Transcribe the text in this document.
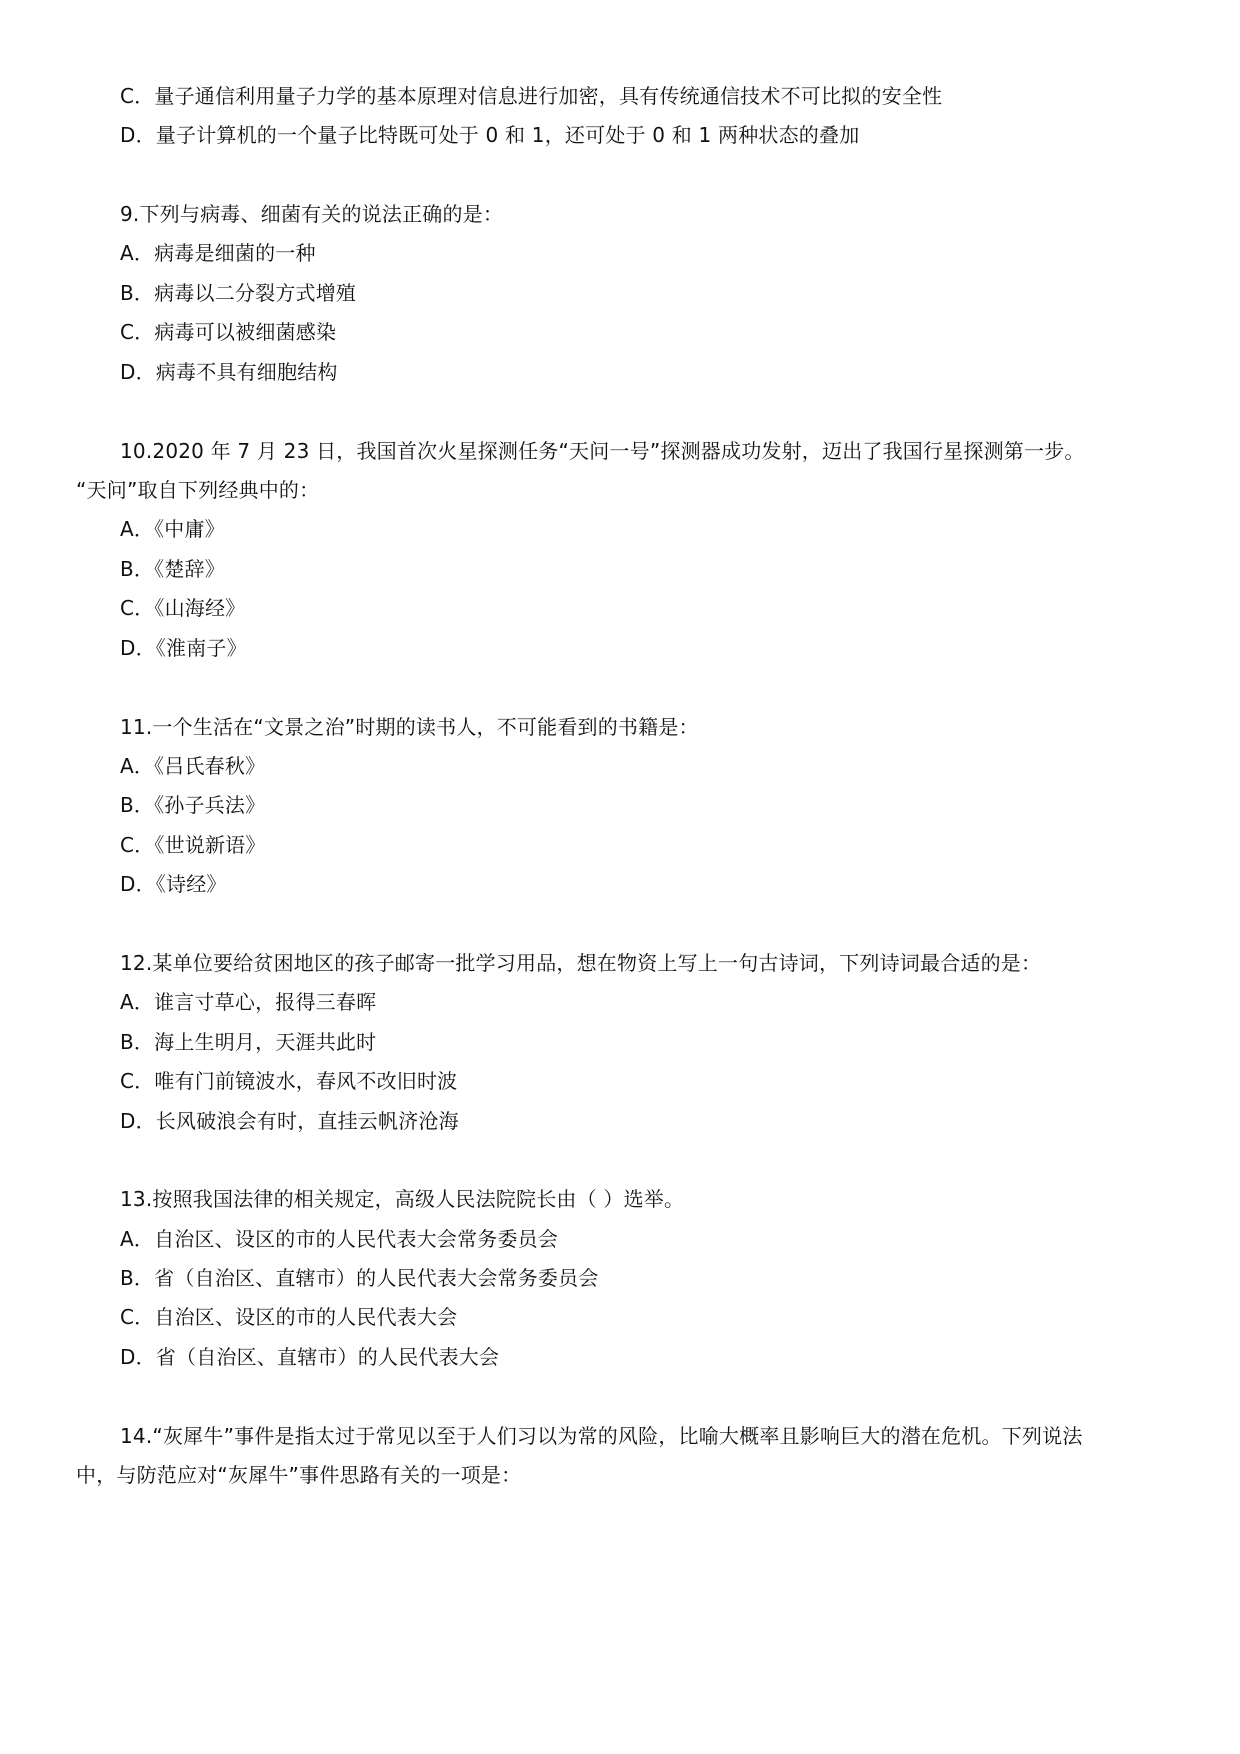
C．量子通信利用量子力学的基本原理对信息进行加密，具有传统通信技术不可比拟的安全性
D．量子计算机的一个量子比特既可处于 0 和 1，还可处于 0 和 1 两种状态的叠加
9.下列与病毒、细菌有关的说法正确的是：
A．病毒是细菌的一种
B．病毒以二分裂方式增殖
C．病毒可以被细菌感染
D．病毒不具有细胞结构
10.2020 年 7 月 23 日，我国首次火星探测任务“天问一号”探测器成功发射，迈出了我国行星探测第一步。
“天问”取自下列经典中的：
A．《中庸》
B．《楚辞》
C．《山海经》
D．《淮南子》
11.一个生活在“文景之治”时期的读书人，不可能看到的书籍是：
A．《吕氏春秋》
B．《孙子兵法》
C．《世说新语》
D．《诗经》
12.某单位要给贫困地区的孩子邮寄一批学习用品，想在物资上写上一句古诗词，下列诗词最合适的是：
A．谁言寸草心，报得三春晖
B．海上生明月，天涯共此时
C．唯有门前镜波水，春风不改旧时波
D．长风破浪会有时，直挂云帆济沧海
13.按照我国法律的相关规定，高级人民法院院长由（ ）选举。
A．自治区、设区的市的人民代表大会常务委员会
B．省（自治区、直辖市）的人民代表大会常务委员会
C．自治区、设区的市的人民代表大会
D．省（自治区、直辖市）的人民代表大会
14.“灰犀牛”事件是指太过于常见以至于人们习以为常的风险，比喻大概率且影响巨大的潜在危机。下列说法
中，与防范应对“灰犀牛”事件思路有关的一项是：
